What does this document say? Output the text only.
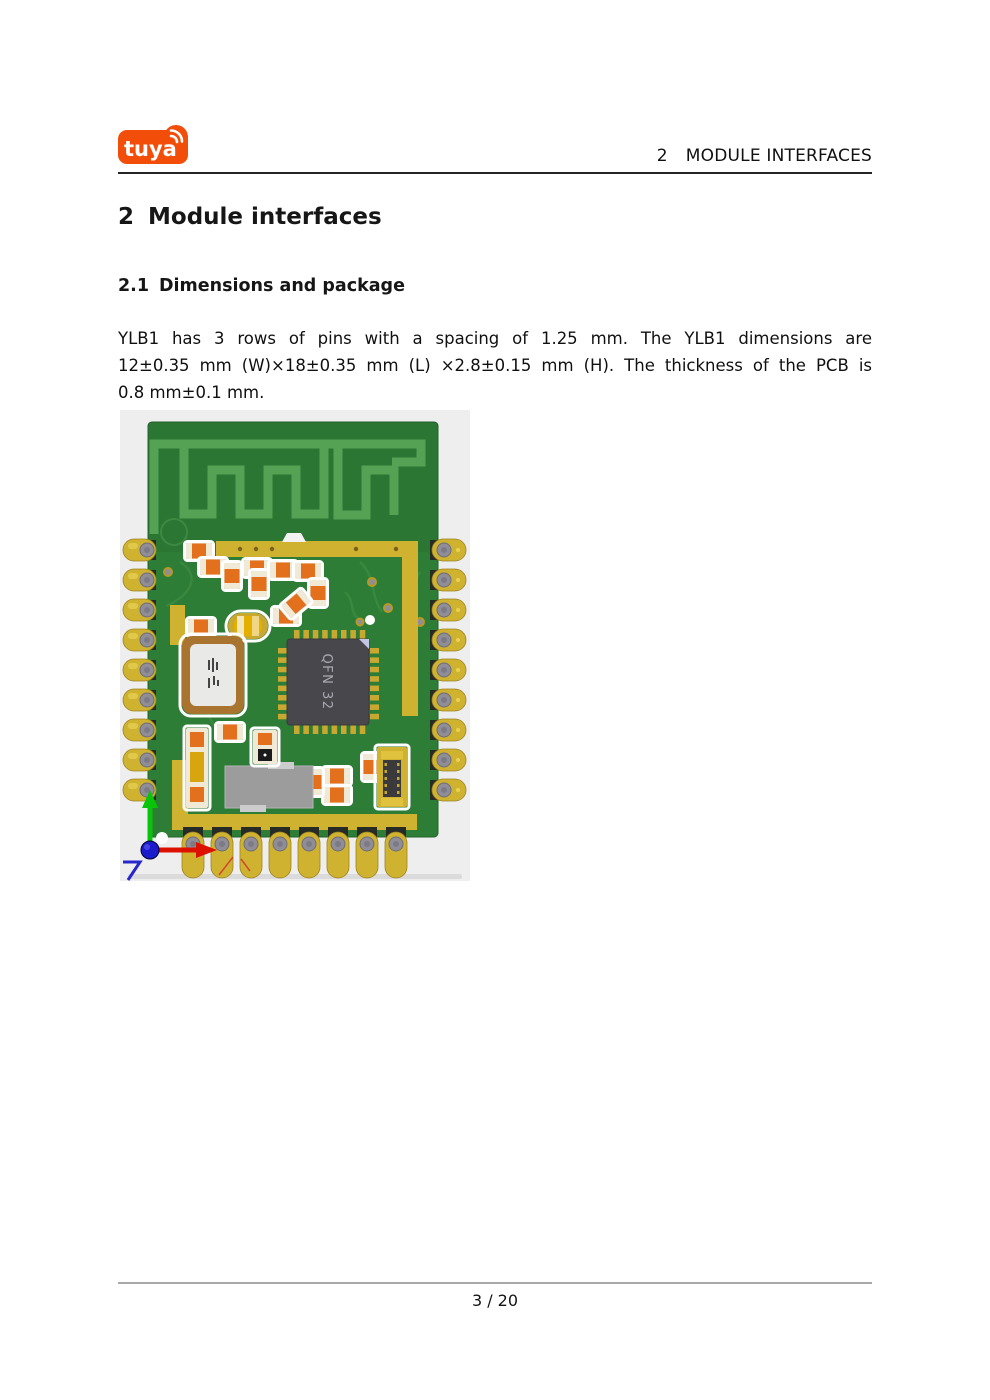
tuya	2 MODULE INTERFACES
2 Module interfaces
2.1 Dimensions and package
YLB1 has 3 rows of pins with a spacing of 1.25 mm. The YLB1 dimensions are
12±0.35 mm (W)×18±0.35 mm (L) ×2.8±0.15 mm (H). The thickness of the PCB is
0.8 mm±0.1 mm.
QFN 32
3 / 20
